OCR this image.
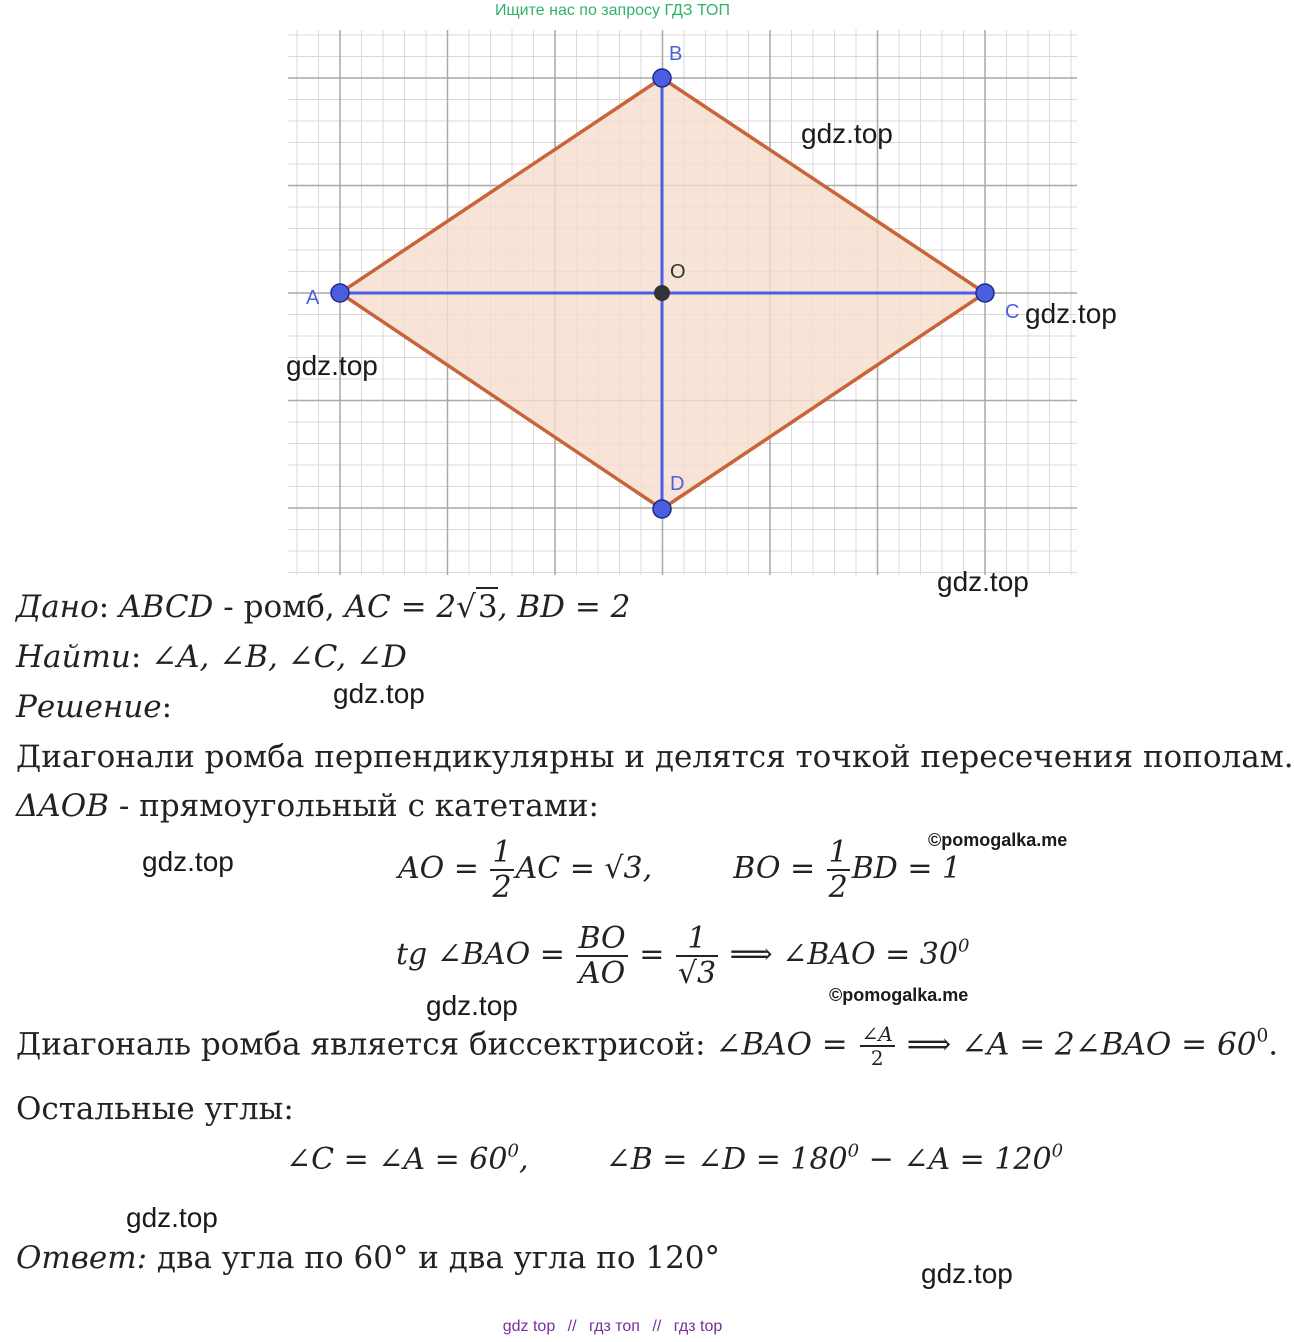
Ищите нас по запросу ГДЗ ТОП
A
B
C
D
O
gdz.top
gdz.top
gdz.top
gdz.top
gdz.top
gdz.top
gdz.top
gdz.top
gdz.top
©pomogalka.me
©pomogalka.me
Дано: ABCD - ромб, AC = 2√3, BD = 2
Найти: ∠A, ∠B, ∠C, ∠D
Решение:
Диагонали ромба перпендикулярны и делятся точкой пересечения пополам.
ΔAOB - прямоугольный с катетами:
AO = $\frac{1}{2}$ AC = √3,	BO = $\frac{1}{2}$ BD = 1
tg ∠BAO = $\frac{BO}{AO} = \frac{1}{√3}$ ⟹ ∠BAO = $30^0$
Диагональ ромба является биссектрисой: ∠BAO = $\frac{\angle A}{2}$ ⟹ ∠A = 2∠BAO = $60^0$.
Остальные углы:
∠C = ∠A = $60^0$,	∠B = ∠D = $180^0$ − ∠A = $120^0$
Ответ: два угла по 60° и два угла по 120°
gdz top // гдз топ // гдз top
